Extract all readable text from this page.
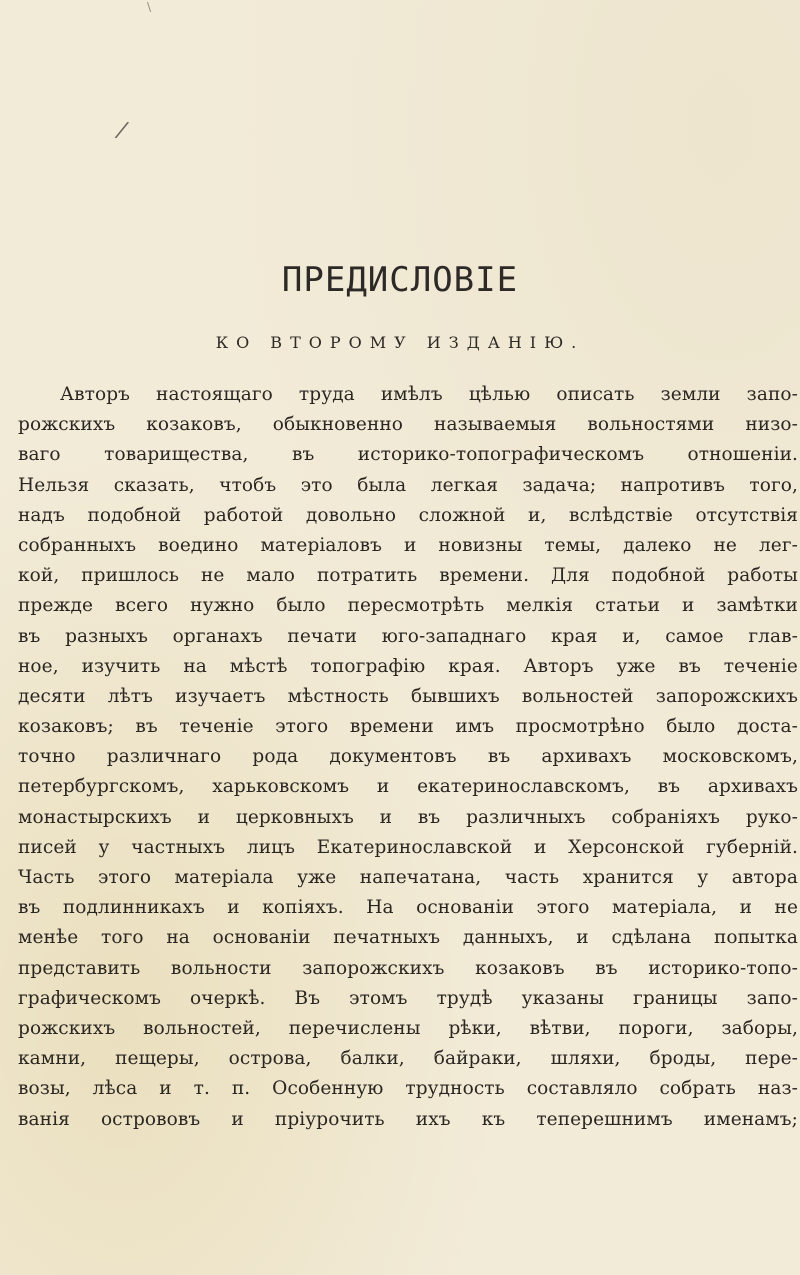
\
/
ПРЕДИСЛОВІЕ
КО ВТОРОМУ ИЗДАНІЮ.
Авторъ настоящаго труда имѣлъ цѣлью описать земли запо-
рожскихъ козаковъ, обыкновенно называемыя вольностями низо-
ваго товарищества, въ историко-топографическомъ отношеніи.
Нельзя сказать, чтобъ это была легкая задача; напротивъ того,
надъ подобной работой довольно сложной и, вслѣдствіе отсутствія
собранныхъ воедино матеріаловъ и новизны темы, далеко не лег-
кой, пришлось не мало потратить времени. Для подобной работы
прежде всего нужно было пересмотрѣть мелкія статьи и замѣтки
въ разныхъ органахъ печати юго-западнаго края и, самое глав-
ное, изучить на мѣстѣ топографію края. Авторъ уже въ теченіе
десяти лѣтъ изучаетъ мѣстность бывшихъ вольностей запорожскихъ
козаковъ; въ теченіе этого времени имъ просмотрѣно было доста-
точно различнаго рода документовъ въ архивахъ московскомъ,
петербургскомъ, харьковскомъ и екатеринославскомъ, въ архивахъ
монастырскихъ и церковныхъ и въ различныхъ собраніяхъ руко-
писей у частныхъ лицъ Екатеринославской и Херсонской губерній.
Часть этого матеріала уже напечатана, часть хранится у автора
въ подлинникахъ и копіяхъ. На основаніи этого матеріала, и не
менѣе того на основаніи печатныхъ данныхъ, и сдѣлана попытка
представить вольности запорожскихъ козаковъ въ историко-топо-
графическомъ очеркѣ. Въ этомъ трудѣ указаны границы запо-
рожскихъ вольностей, перечислены рѣки, вѣтви, пороги, заборы,
камни, пещеры, острова, балки, байраки, шляхи, броды, пере-
возы, лѣса и т. п. Особенную трудность составляло собрать наз-
ванія острововъ и пріурочить ихъ къ теперешнимъ именамъ;
